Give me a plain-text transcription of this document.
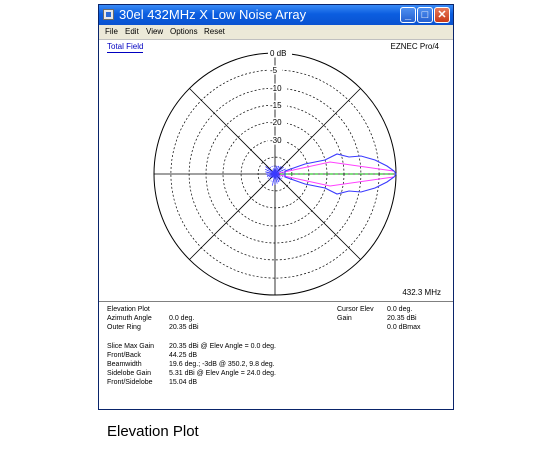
30el 432MHz X Low Noise Array	_ □ ✕
File Edit View Options Reset
0 dB
-5
-10
-15
-20
-30
Total Field	EZNEC Pro/4
432.3 MHz
Elevation Plot
Azimuth Angle 0.0 deg.
Outer Ring	20.35 dBi
Cursor Elev 0.0 deg.
Gain	20.35 dBi
0.0 dBmax
Slice Max Gain 20.35 dBi @ Elev Angle = 0.0 deg.
Front/Back	44.25 dB
Beamwidth	19.6 deg.; -3dB @ 350.2, 9.8 deg.
Sidelobe Gain	5.31 dBi @ Elev Angle = 24.0 deg.
Front/Sidelobe 15.04 dB
Elevation Plot
